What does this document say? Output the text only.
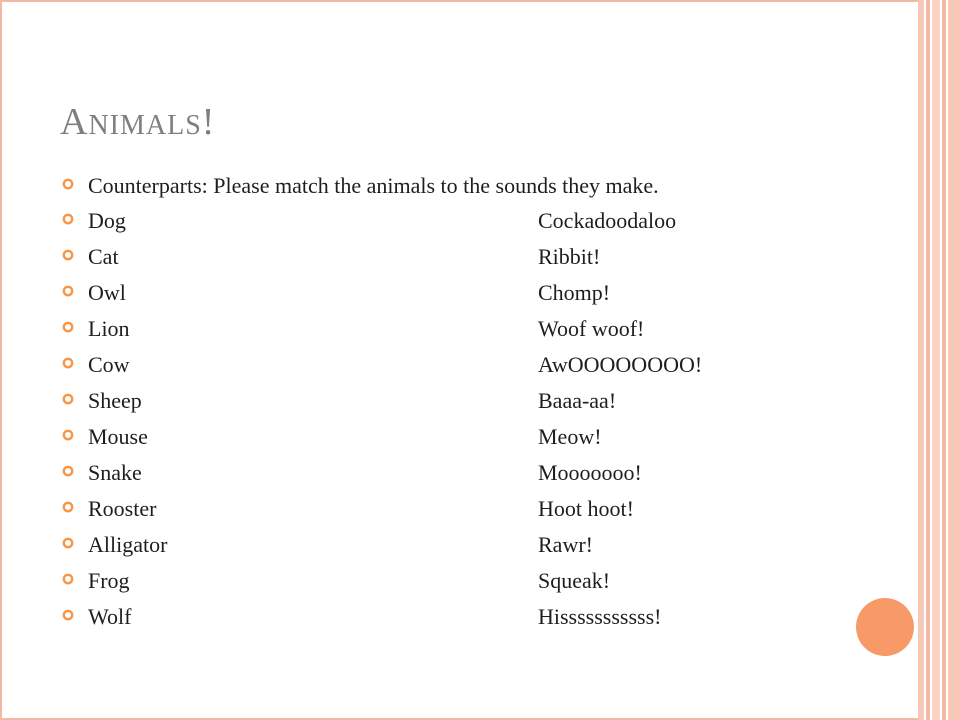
ANIMALS!
Counterparts: Please match the animals to the sounds they make.
Dog	Cockadoodaloo
Cat	Ribbit!
Owl	Chomp!
Lion	Woof woof!
Cow	AwOOOOOOOO!
Sheep	Baaa-aa!
Mouse	Meow!
Snake	Mooooooo!
Rooster	Hoot hoot!
Alligator	Rawr!
Frog	Squeak!
Wolf	Hisssssssssss!
